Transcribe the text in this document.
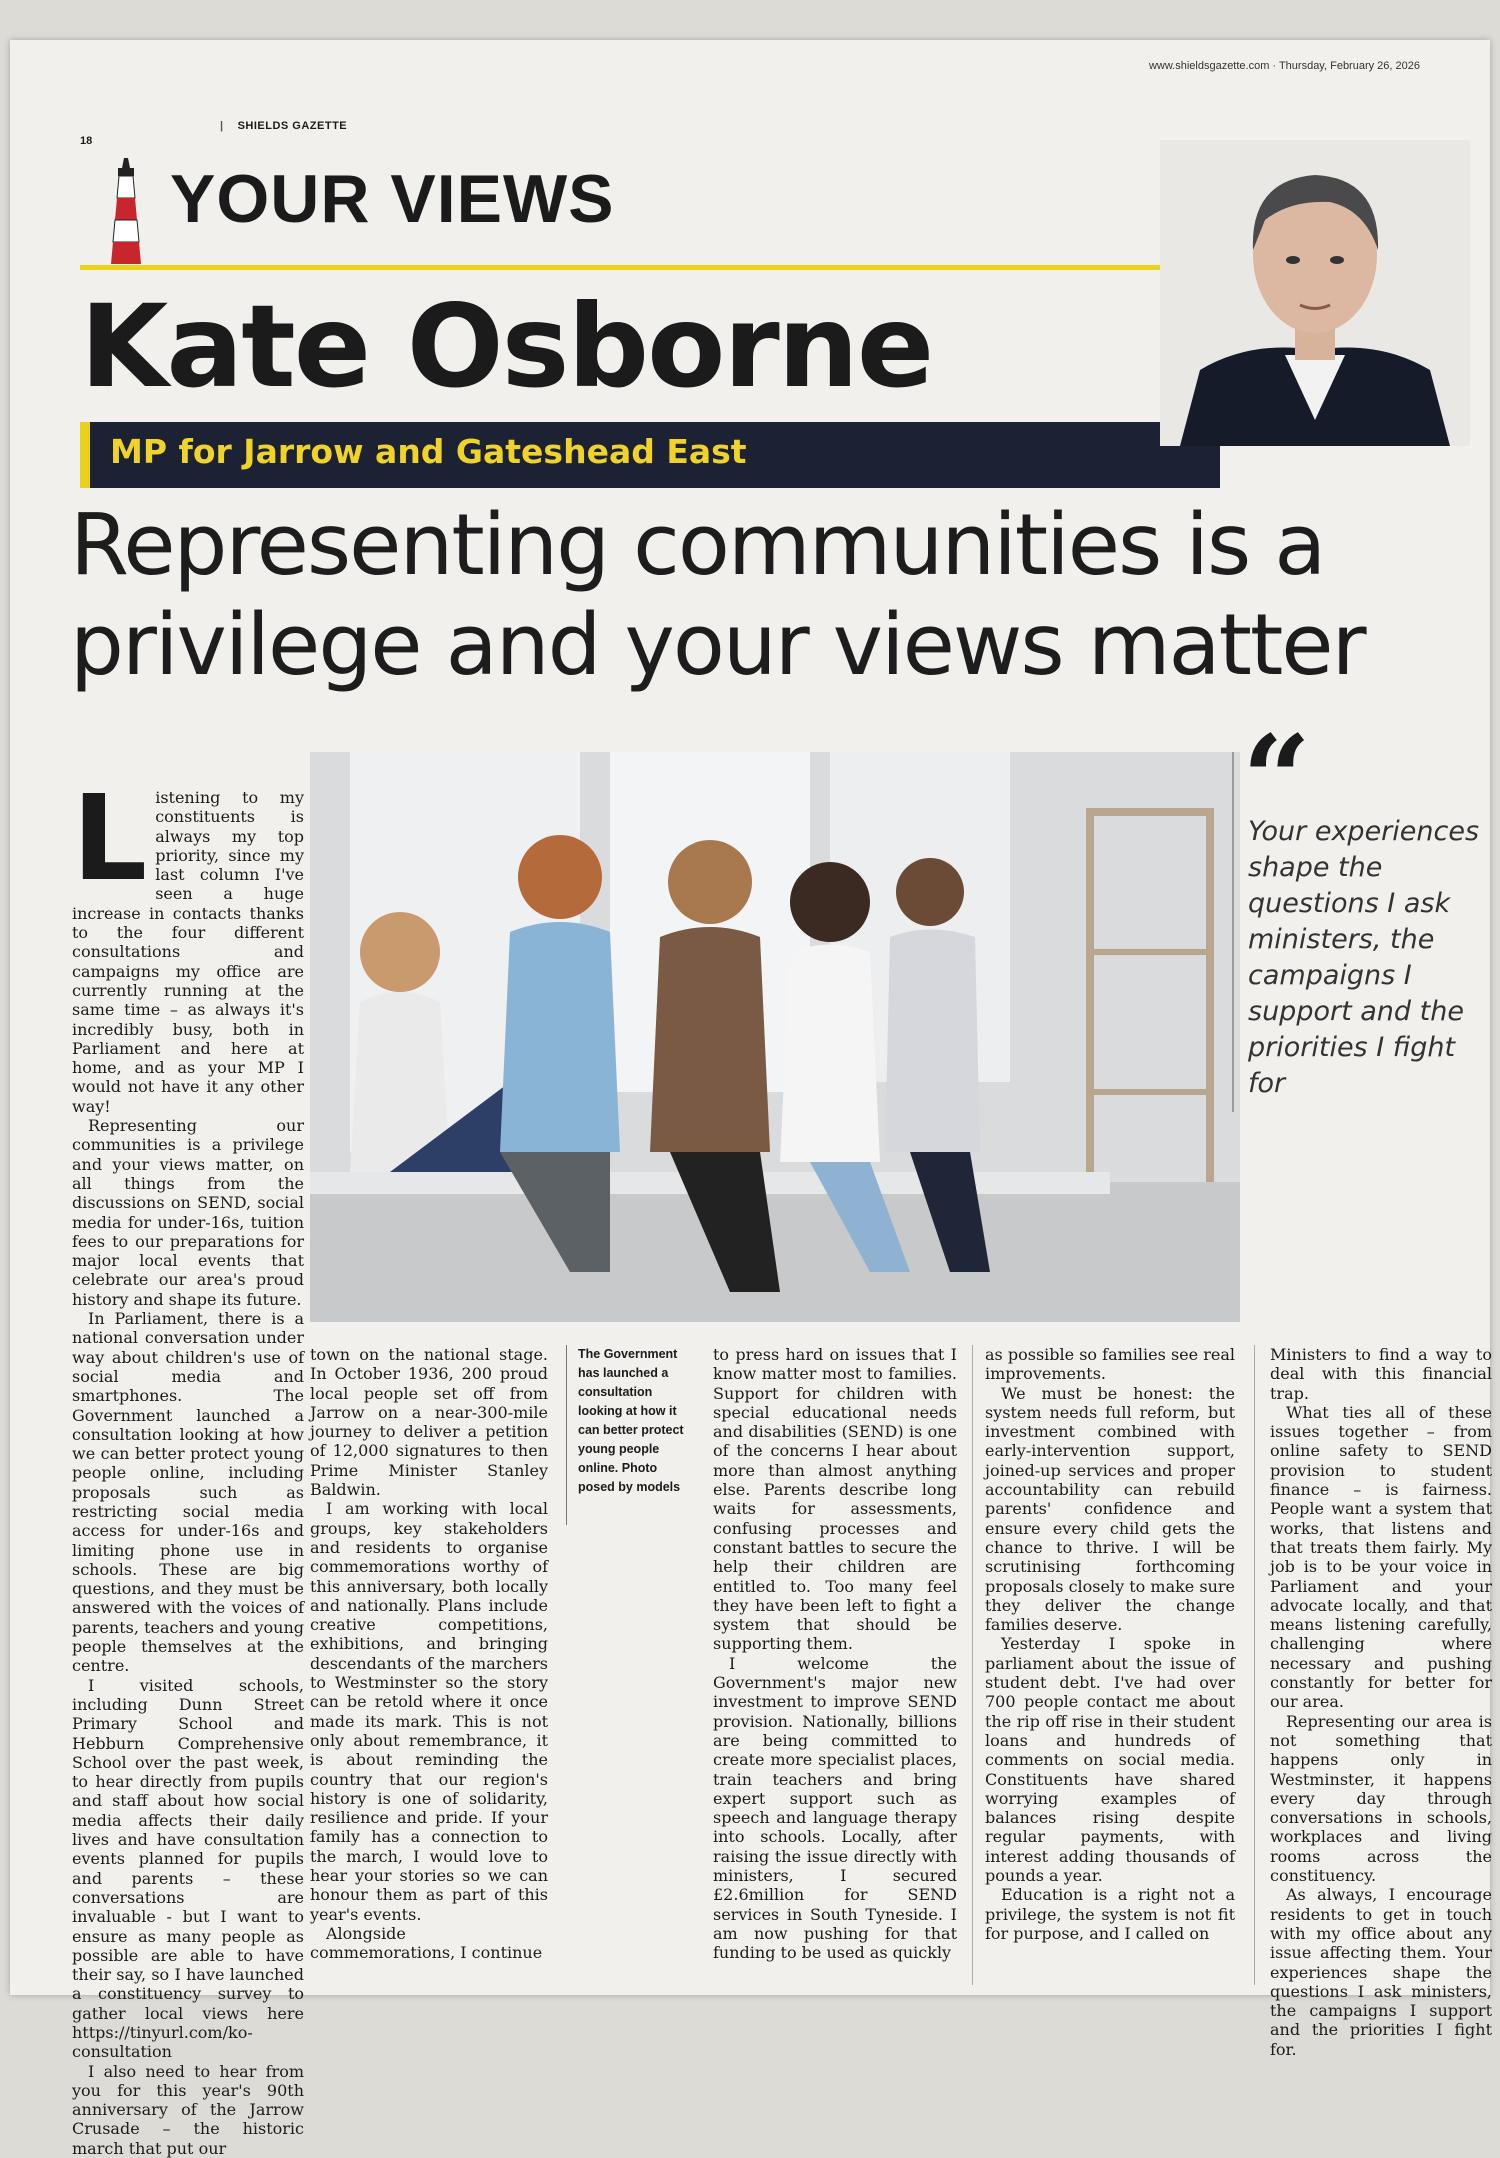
www.shieldsgazette.com · Thursday, February 26, 2026
18
| SHIELDS GAZETTE
YOUR VIEWS
Kate Osborne
MP for Jarrow and Gateshead East
Representing communities is a privilege and your views matter
“
Your experiences shape the questions I ask ministers, the campaigns I support and the priorities I fight for
L istening to my constituents is always my top priority, since my last column I've seen a huge increase in contacts thanks to the four different consultations and campaigns my office are currently running at the same time – as always it's incredibly busy, both in Parliament and here at home, and as your MP I would not have it any other way!

Representing our communities is a privilege and your views matter, on all things from the discussions on SEND, social media for under-16s, tuition fees to our preparations for major local events that celebrate our area's proud history and shape its future.

In Parliament, there is a national conversation under way about children's use of social media and smartphones. The Government launched a consultation looking at how we can better protect young people online, including proposals such as restricting social media access for under-16s and limiting phone use in schools. These are big questions, and they must be answered with the voices of parents, teachers and young people themselves at the centre.

I visited schools, including Dunn Street Primary School and Hebburn Comprehensive School over the past week, to hear directly from pupils and staff about how social media affects their daily lives and have consultation events planned for pupils and parents – these conversations are invaluable - but I want to ensure as many people as possible are able to have their say, so I have launched a constituency survey to gather local views here https://tinyurl.com/ko-consultation

I also need to hear from you for this year's 90th anniversary of the Jarrow Crusade – the historic march that put our

town on the national stage. In October 1936, 200 proud local people set off from Jarrow on a near-300-mile journey to deliver a petition of 12,000 signatures to then Prime Minister Stanley Baldwin.

I am working with local groups, key stakeholders and residents to organise commemorations worthy of this anniversary, both locally and nationally. Plans include creative competitions, exhibitions, and bringing descendants of the marchers to Westminster so the story can be retold where it once made its mark. This is not only about remembrance, it is about reminding the country that our region's history is one of solidarity, resilience and pride. If your family has a connection to the march, I would love to hear your stories so we can honour them as part of this year's events.

Alongside commemorations, I continue

The Government has launched a consultation looking at how it can better protect young people online. Photo posed by models

to press hard on issues that I know matter most to families. Support for children with special educational needs and disabilities (SEND) is one of the concerns I hear about more than almost anything else. Parents describe long waits for assessments, confusing processes and constant battles to secure the help their children are entitled to. Too many feel they have been left to fight a system that should be supporting them.

I welcome the Government's major new investment to improve SEND provision. Nationally, billions are being committed to create more specialist places, train teachers and bring expert support such as speech and language therapy into schools. Locally, after raising the issue directly with ministers, I secured £2.6million for SEND services in South Tyneside. I am now pushing for that funding to be used as quickly

as possible so families see real improvements.

We must be honest: the system needs full reform, but investment combined with early-intervention support, joined-up services and proper accountability can rebuild parents' confidence and ensure every child gets the chance to thrive. I will be scrutinising forthcoming proposals closely to make sure they deliver the change families deserve.

Yesterday I spoke in parliament about the issue of student debt. I've had over 700 people contact me about the rip off rise in their student loans and hundreds of comments on social media. Constituents have shared worrying examples of balances rising despite regular payments, with interest adding thousands of pounds a year.

Education is a right not a privilege, the system is not fit for purpose, and I called on

Ministers to find a way to deal with this financial trap.

What ties all of these issues together – from online safety to SEND provision to student finance – is fairness. People want a system that works, that listens and that treats them fairly. My job is to be your voice in Parliament and your advocate locally, and that means listening carefully, challenging where necessary and pushing constantly for better for our area.

Representing our area is not something that happens only in Westminster, it happens every day through conversations in schools, workplaces and living rooms across the constituency.

As always, I encourage residents to get in touch with my office about any issue affecting them. Your experiences shape the questions I ask ministers, the campaigns I support and the priorities I fight for.
